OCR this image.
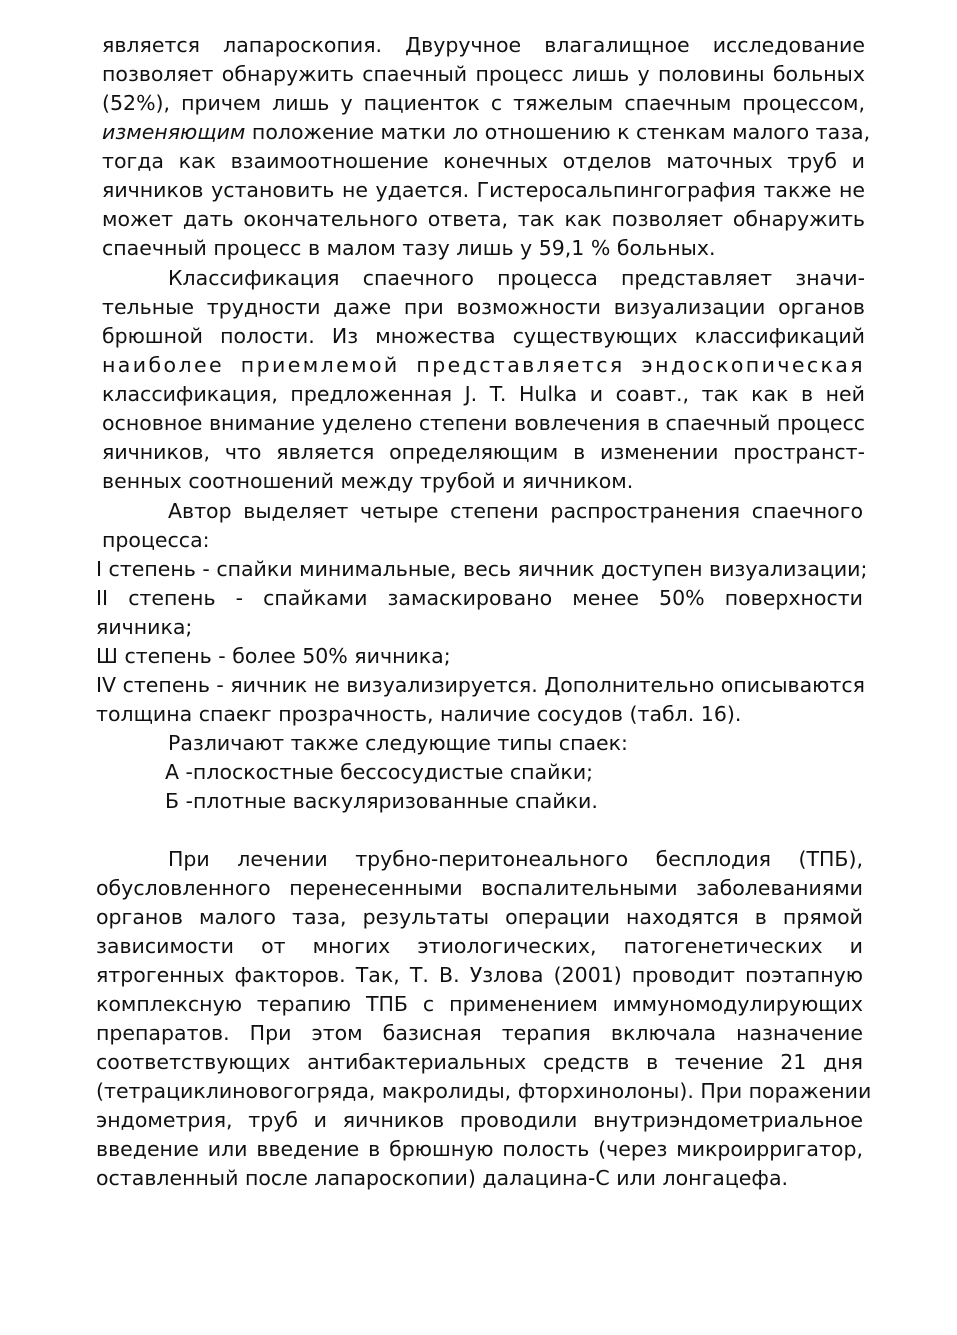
является лапароскопия. Двуручное влагалищное исследование
позволяет обнаружить спаечный процесс лишь у половины больных
(52%), причем лишь у пациенток с тяжелым спаечным процессом,
изменяющим положение матки ло отношению к стенкам малого таза,
тогда как взаимоотношение конечных отделов маточных труб и
яичников установить не удается. Гистеросальпингография также не
может дать окончательного ответа, так как позволяет обнаружить
спаечный процесс в малом тазу лишь у 59,1 % больных.
Классификация спаечного процесса представляет значи-
тельные трудности даже при возможности визуализации органов
брюшной полости. Из множества существующих классификаций
наиболее приемлемой представляется эндоскопическая
классификация, предложенная J. T. Hulka и соавт., так как в ней
основное внимание уделено степени вовлечения в спаечный процесс
яичников, что является определяющим в изменении пространст-
венных соотношений между трубой и яичником.
Автор выделяет четыре степени распространения спаечного
процесса:
I степень - спайки минимальные, весь яичник доступен визуализации;
II степень - спайками замаскировано менее 50% поверхности
яичника;
Ш степень - более 50% яичника;
IV степень - яичник не визуализируется. Дополнительно описываются
толщина спаекг прозрачность, наличие сосудов (табл. 16).
Различают также следующие типы спаек:
А -плоскостные бессосудистые спайки;
Б -плотные васкуляризованные спайки.
При лечении трубно-перитонеального бесплодия (ТПБ),
обусловленного перенесенными воспалительными заболеваниями
органов малого таза, результаты операции находятся в прямой
зависимости от многих этиологических, патогенетических и
ятрогенных факторов. Так, Т. В. Узлова (2001) проводит поэтапную
комплексную терапию ТПБ с применением иммуномодулирующих
препаратов. При этом базисная терапия включала назначение
соответствующих антибактериальных средств в течение 21 дня
(тетрациклиновогогряда, макролиды, фторхинолоны). При поражении
эндометрия, труб и яичников проводили внутриэндометриальное
введение или введение в брюшную полость (через микроирригатор,
оставленный после лапароскопии) далацина-С или лонгацефа.
